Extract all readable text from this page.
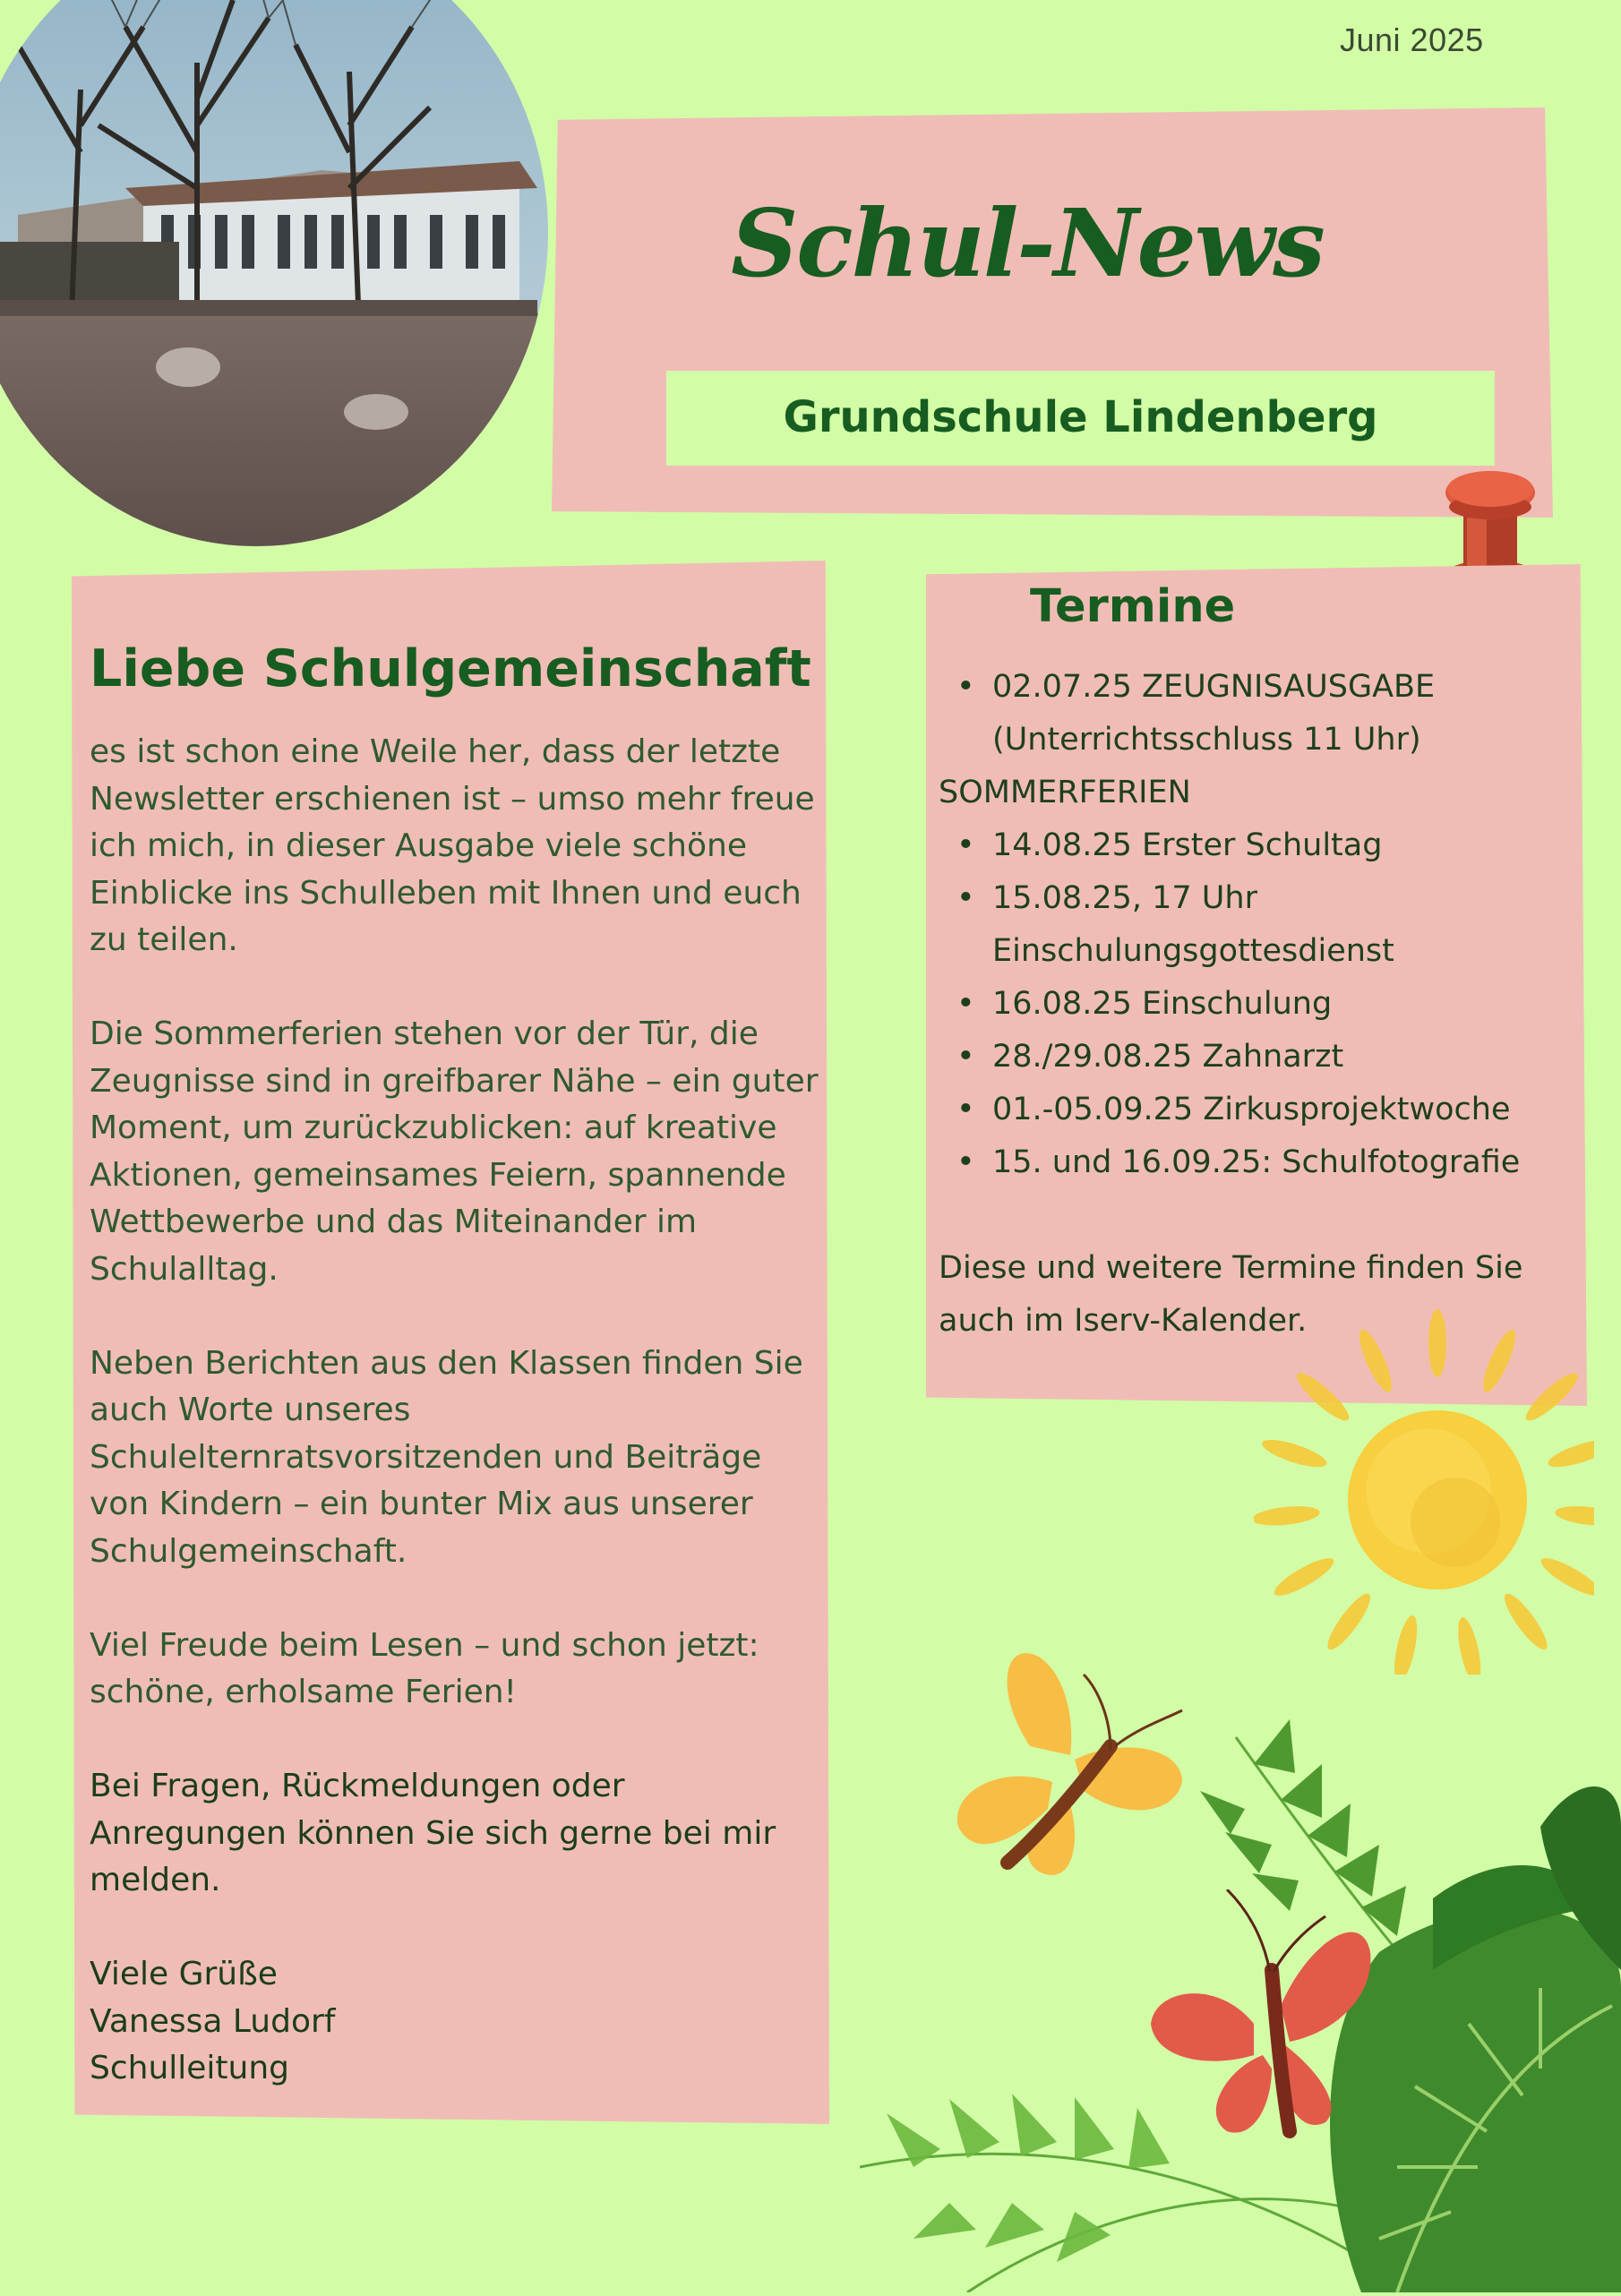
Juni 2025
Schul-News
Grundschule Lindenberg
Liebe Schulgemeinschaft

es ist schon eine Weile her, dass der letzte Newsletter erschienen ist – umso mehr freue ich mich, in dieser Ausgabe viele schöne Einblicke ins Schulleben mit Ihnen und euch zu teilen.

Die Sommerferien stehen vor der Tür, die Zeugnisse sind in greifbarer Nähe – ein guter Moment, um zurückzublicken: auf kreative Aktionen, gemeinsames Feiern, spannende Wettbewerbe und das Miteinander im Schulalltag.

Neben Berichten aus den Klassen finden Sie auch Worte unseres Schulelternratsvorsitzenden und Beiträge von Kindern – ein bunter Mix aus unserer Schulgemeinschaft.

Viel Freude beim Lesen – und schon jetzt: schöne, erholsame Ferien!

Bei Fragen, Rückmeldungen oder Anregungen können Sie sich gerne bei mir melden.

Viele Grüße
Vanessa Ludorf
Schulleitung
Termine
• 02.07.25 ZEUGNISAUSGABE (Unterrichtsschluss 11 Uhr)
SOMMERFERIEN
• 14.08.25 Erster Schultag
• 15.08.25, 17 Uhr Einschulungsgottesdienst
• 16.08.25 Einschulung
• 28./29.08.25 Zahnarzt
• 01.-05.09.25 Zirkusprojektwoche
• 15. und 16.09.25: Schulfotografie
Diese und weitere Termine finden Sie auch im Iserv-Kalender.
